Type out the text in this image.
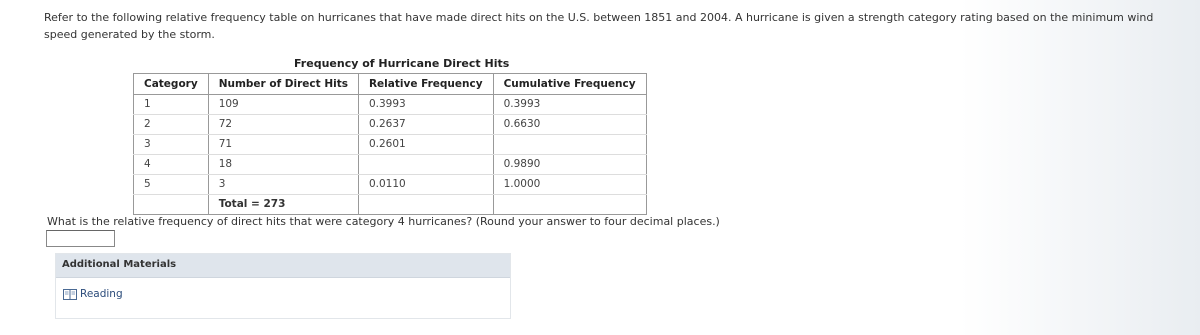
Refer to the following relative frequency table on hurricanes that have made direct hits on the U.S. between 1851 and 2004. A hurricane is given a strength category rating based on the minimum wind speed generated by the storm.
Frequency of Hurricane Direct Hits
Category	Number of Direct Hits	Relative Frequency	Cumulative Frequency
1	109	0.3993	0.3993
2	72	0.2637	0.6630
3	71	0.2601	
4	18		0.9890
5	3	0.0110	1.0000
	Total = 273		
What is the relative frequency of direct hits that were category 4 hurricanes? (Round your answer to four decimal places.)
Additional Materials
Reading
